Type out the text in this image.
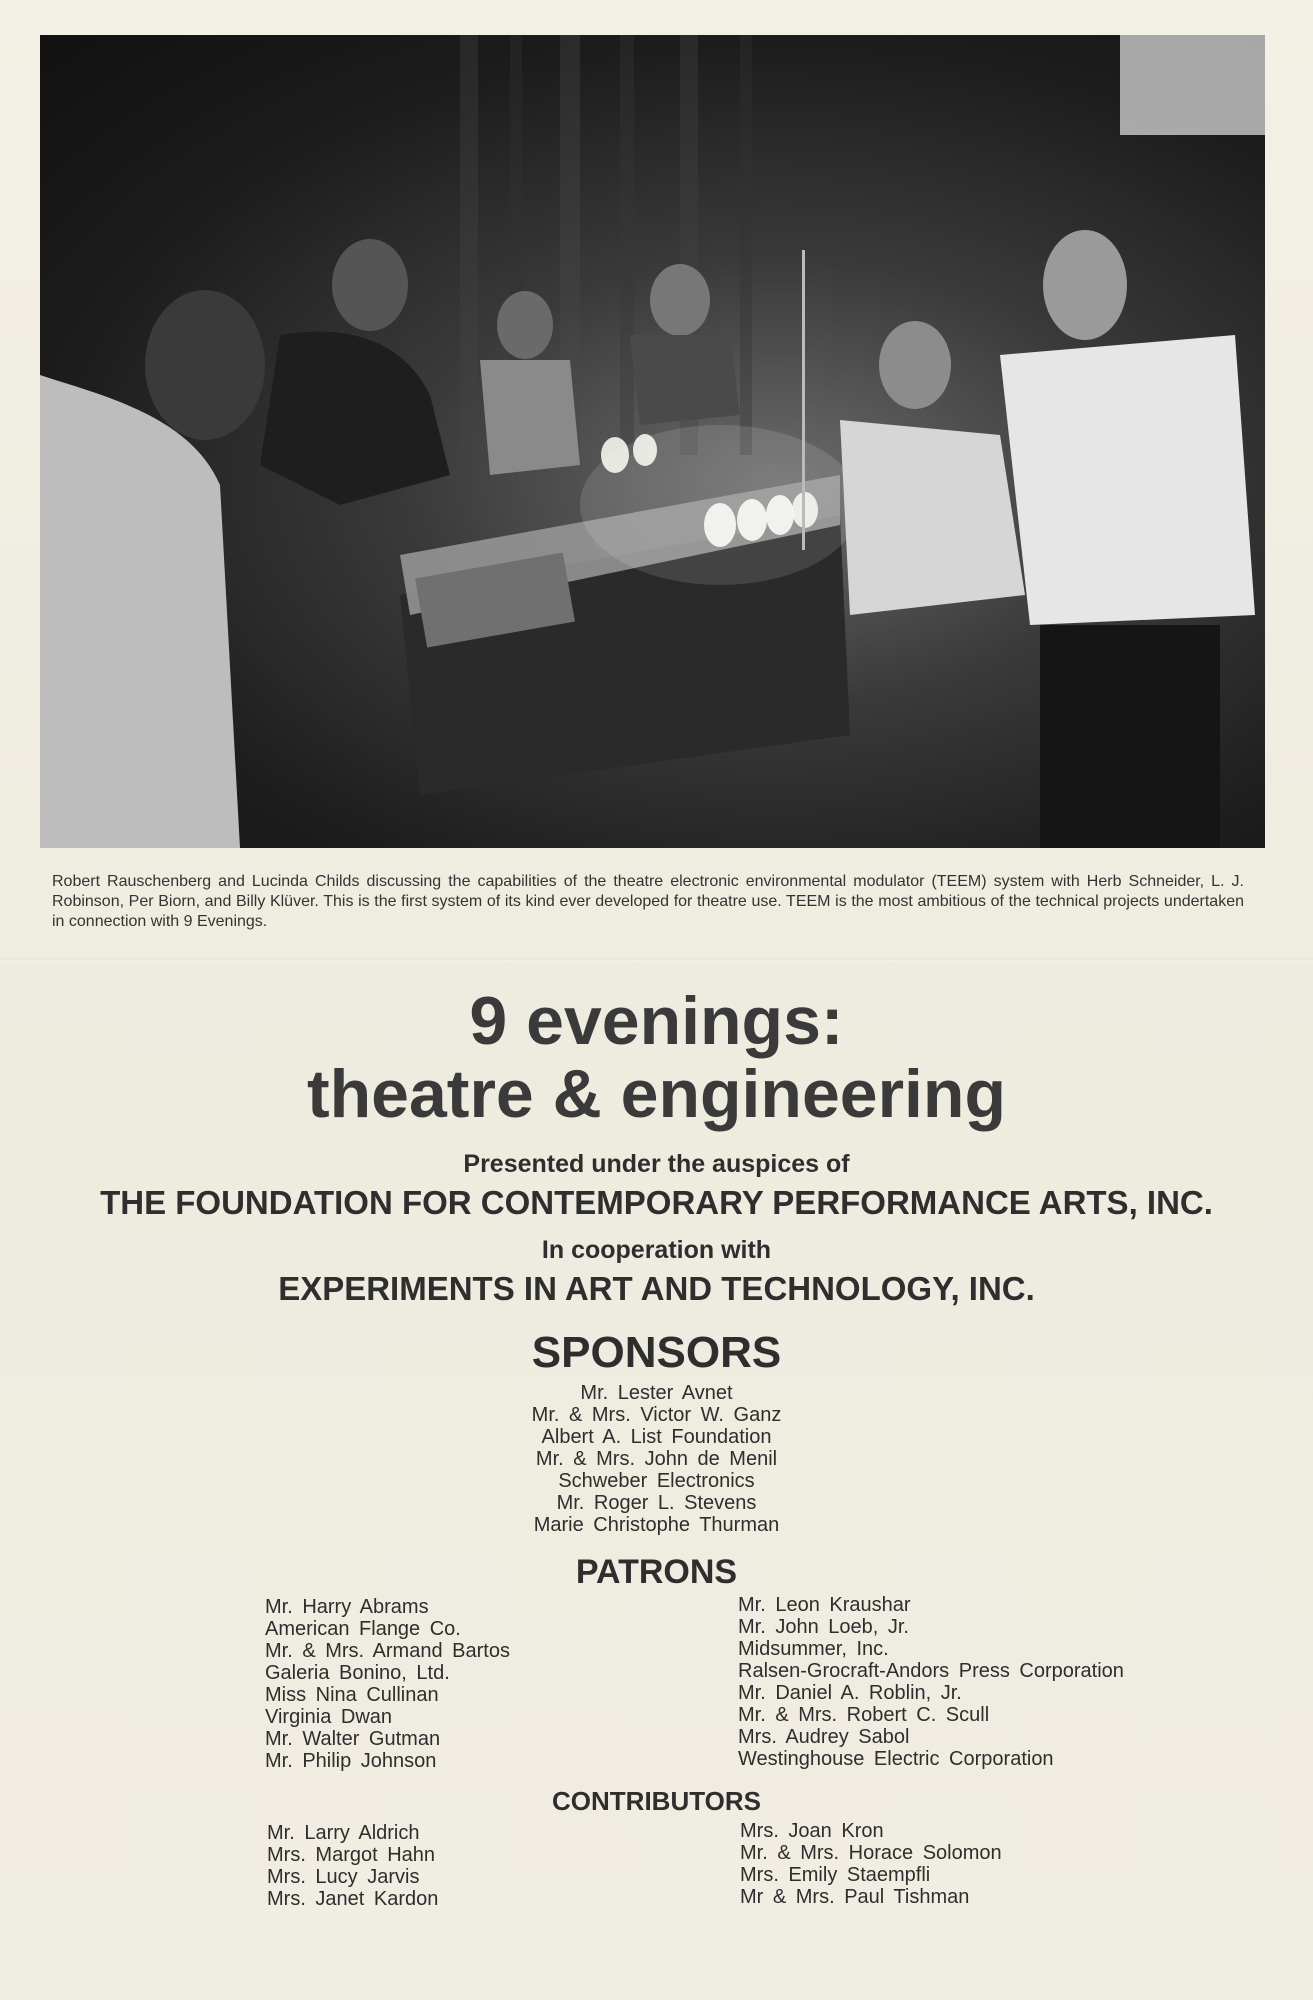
Robert Rauschenberg and Lucinda Childs discussing the capabilities of the theatre electronic environmental modulator (TEEM) system with Herb Schneider, L. J. Robinson, Per Biorn, and Billy Klüver. This is the first system of its kind ever developed for theatre use. TEEM is the most ambitious of the technical projects undertaken in connection with 9 Evenings.
9 evenings:
theatre & engineering
Presented under the auspices of
THE FOUNDATION FOR CONTEMPORARY PERFORMANCE ARTS, INC.
In cooperation with
EXPERIMENTS IN ART AND TECHNOLOGY, INC.
SPONSORS
Mr. Lester Avnet
Mr. & Mrs. Victor W. Ganz
Albert A. List Foundation
Mr. & Mrs. John de Menil
Schweber Electronics
Mr. Roger L. Stevens
Marie Christophe Thurman
PATRONS
Mr. Harry Abrams
American Flange Co.
Mr. & Mrs. Armand Bartos
Galeria Bonino, Ltd.
Miss Nina Cullinan
Virginia Dwan
Mr. Walter Gutman
Mr. Philip Johnson
Mr. Leon Kraushar
Mr. John Loeb, Jr.
Midsummer, Inc.
Ralsen-Grocraft-Andors Press Corporation
Mr. Daniel A. Roblin, Jr.
Mr. & Mrs. Robert C. Scull
Mrs. Audrey Sabol
Westinghouse Electric Corporation
CONTRIBUTORS
Mr. Larry Aldrich
Mrs. Margot Hahn
Mrs. Lucy Jarvis
Mrs. Janet Kardon
Mrs. Joan Kron
Mr. & Mrs. Horace Solomon
Mrs. Emily Staempfli
Mr & Mrs. Paul Tishman
